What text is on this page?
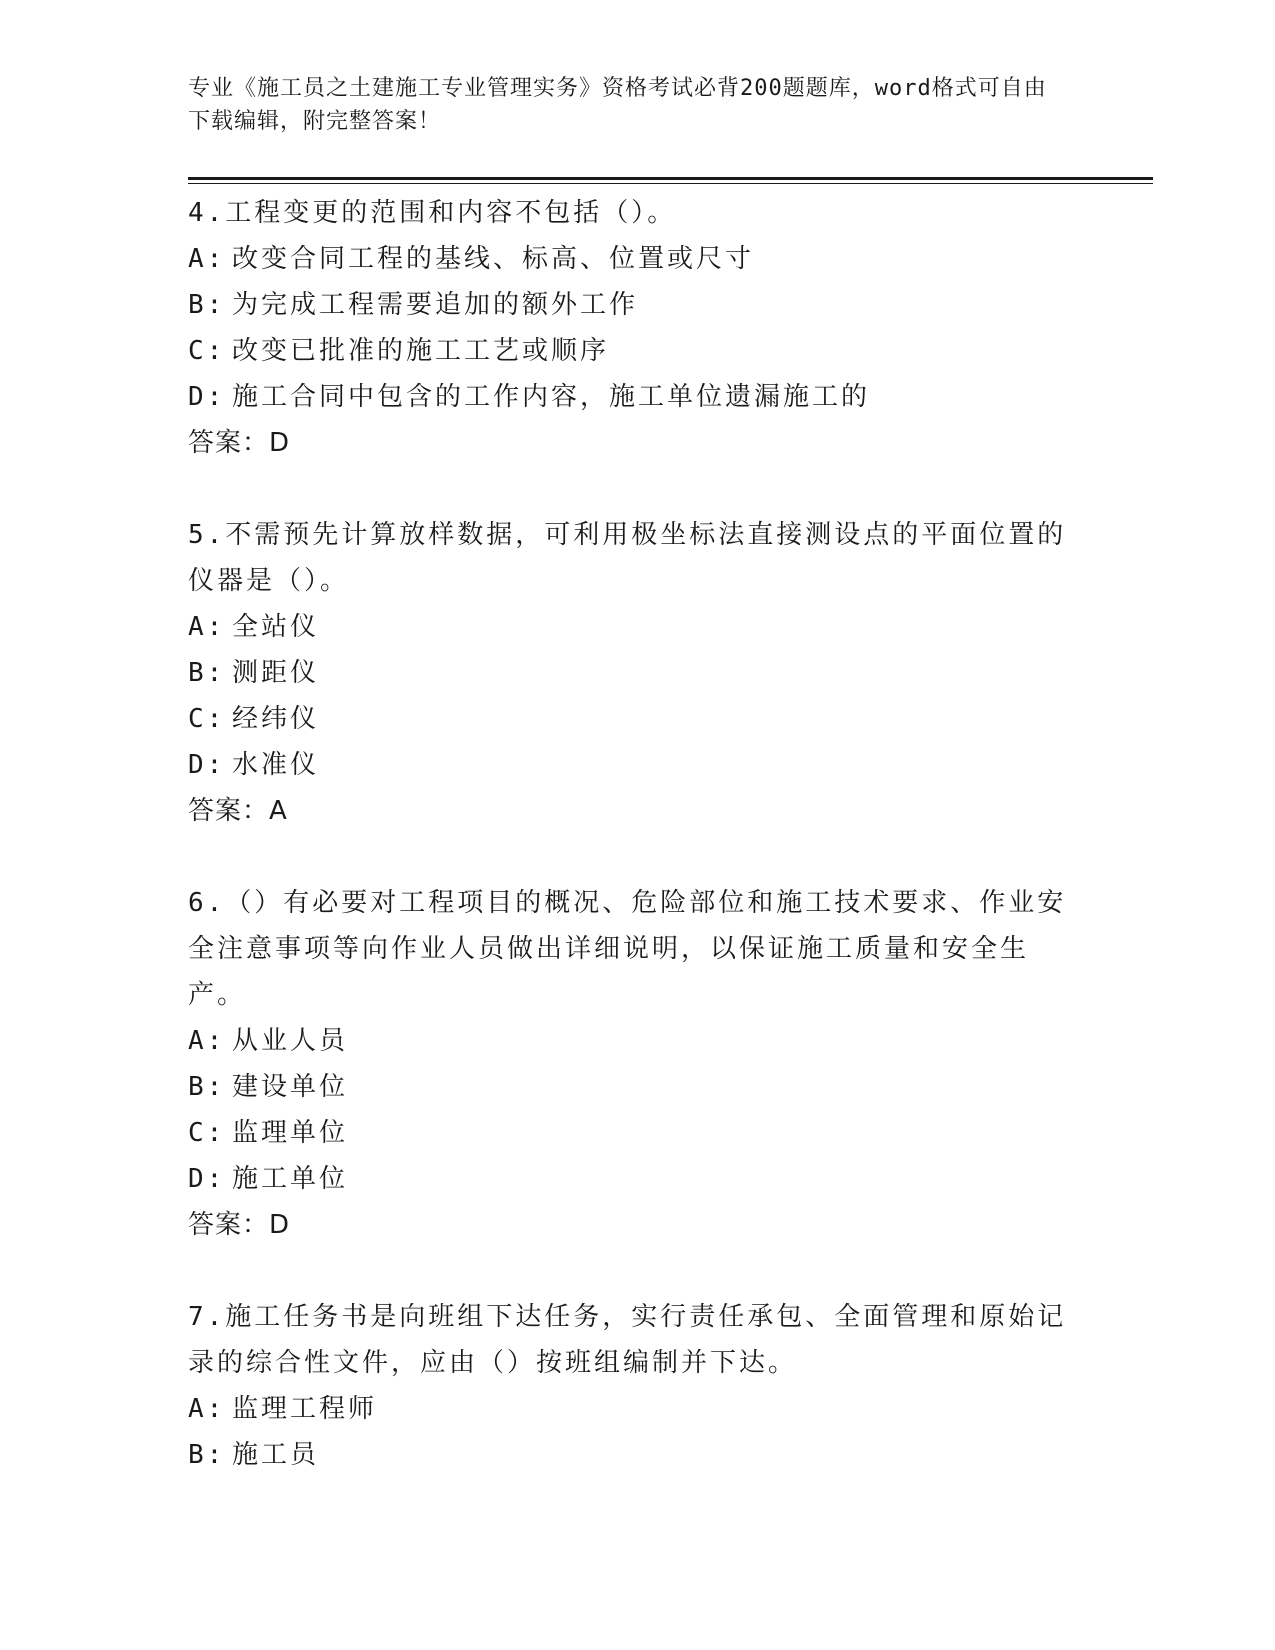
专业《施工员之土建施工专业管理实务》资格考试必背200题题库，word格式可自由下载编辑，附完整答案！
4.工程变更的范围和内容不包括（）。
A: 改变合同工程的基线、标高、位置或尺寸
B: 为完成工程需要追加的额外工作
C: 改变已批准的施工工艺或顺序
D: 施工合同中包含的工作内容，施工单位遗漏施工的
答案：D
5.不需预先计算放样数据，可利用极坐标法直接测设点的平面位置的仪器是（）。
A: 全站仪
B: 测距仪
C: 经纬仪
D: 水准仪
答案：A
6.（）有必要对工程项目的概况、危险部位和施工技术要求、作业安全注意事项等向作业人员做出详细说明，以保证施工质量和安全生产。
A: 从业人员
B: 建设单位
C: 监理单位
D: 施工单位
答案：D
7.施工任务书是向班组下达任务，实行责任承包、全面管理和原始记录的综合性文件，应由（）按班组编制并下达。
A: 监理工程师
B: 施工员
